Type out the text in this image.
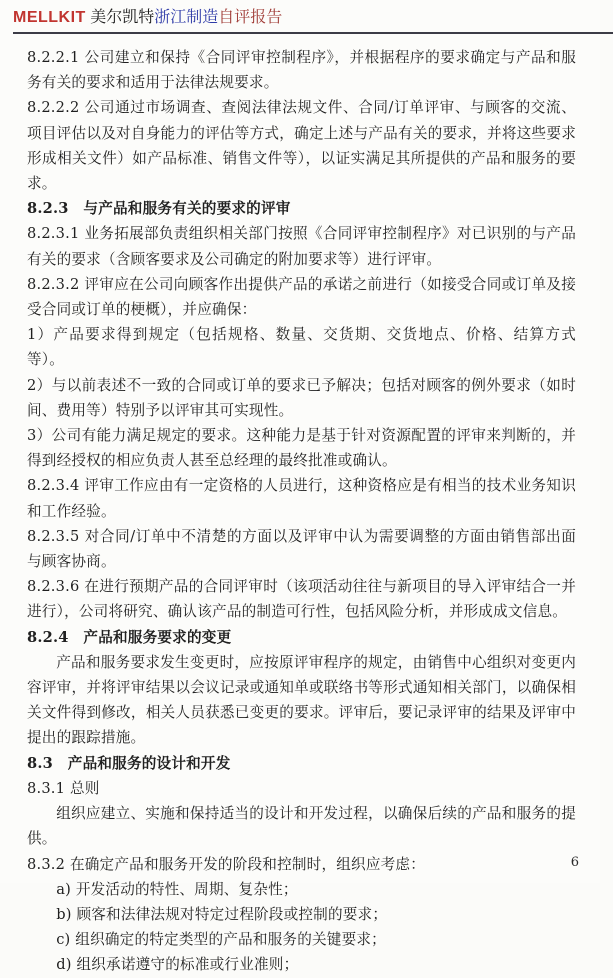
MELLKIT 美尔凯特浙江制造自评报告

8.2.2.1 公司建立和保持《合同评审控制程序》，并根据程序的要求确定与产品和服务有关的要求和适用于法律法规要求。

8.2.2.2 公司通过市场调查、查阅法律法规文件、合同/订单评审、与顾客的交流、项目评估以及对自身能力的评估等方式，确定上述与产品有关的要求，并将这些要求形成相关文件）如产品标准、销售文件等），以证实满足其所提供的产品和服务的要求。

8.2.3　与产品和服务有关的要求的评审

8.2.3.1 业务拓展部负责组织相关部门按照《合同评审控制程序》对已识别的与产品有关的要求（含顾客要求及公司确定的附加要求等）进行评审。

8.2.3.2 评审应在公司向顾客作出提供产品的承诺之前进行（如接受合同或订单及接受合同或订单的梗概），并应确保：

1）产品要求得到规定（包括规格、数量、交货期、交货地点、价格、结算方式等）。

2）与以前表述不一致的合同或订单的要求已予解决；包括对顾客的例外要求（如时间、费用等）特别予以评审其可实现性。

3）公司有能力满足规定的要求。这种能力是基于针对资源配置的评审来判断的，并得到经授权的相应负责人甚至总经理的最终批准或确认。

8.2.3.4 评审工作应由有一定资格的人员进行，这种资格应是有相当的技术业务知识和工作经验。

8.2.3.5 对合同/订单中不清楚的方面以及评审中认为需要调整的方面由销售部出面与顾客协商。

8.2.3.6 在进行预期产品的合同评审时（该项活动往往与新项目的导入评审结合一并进行），公司将研究、确认该产品的制造可行性，包括风险分析，并形成成文信息。

8.2.4　产品和服务要求的变更

产品和服务要求发生变更时，应按原评审程序的规定，由销售中心组织对变更内容评审，并将评审结果以会议记录或通知单或联络书等形式通知相关部门，以确保相关文件得到修改，相关人员获悉已变更的要求。评审后，要记录评审的结果及评审中提出的跟踪措施。

8.3　产品和服务的设计和开发

8.3.1 总则

组织应建立、实施和保持适当的设计和开发过程，以确保后续的产品和服务的提供。

8.3.2 在确定产品和服务开发的阶段和控制时，组织应考虑：

a) 开发活动的特性、周期、复杂性；

b) 顾客和法律法规对特定过程阶段或控制的要求；

c) 组织确定的特定类型的产品和服务的关键要求；

d) 组织承诺遵守的标准或行业准则；

6
